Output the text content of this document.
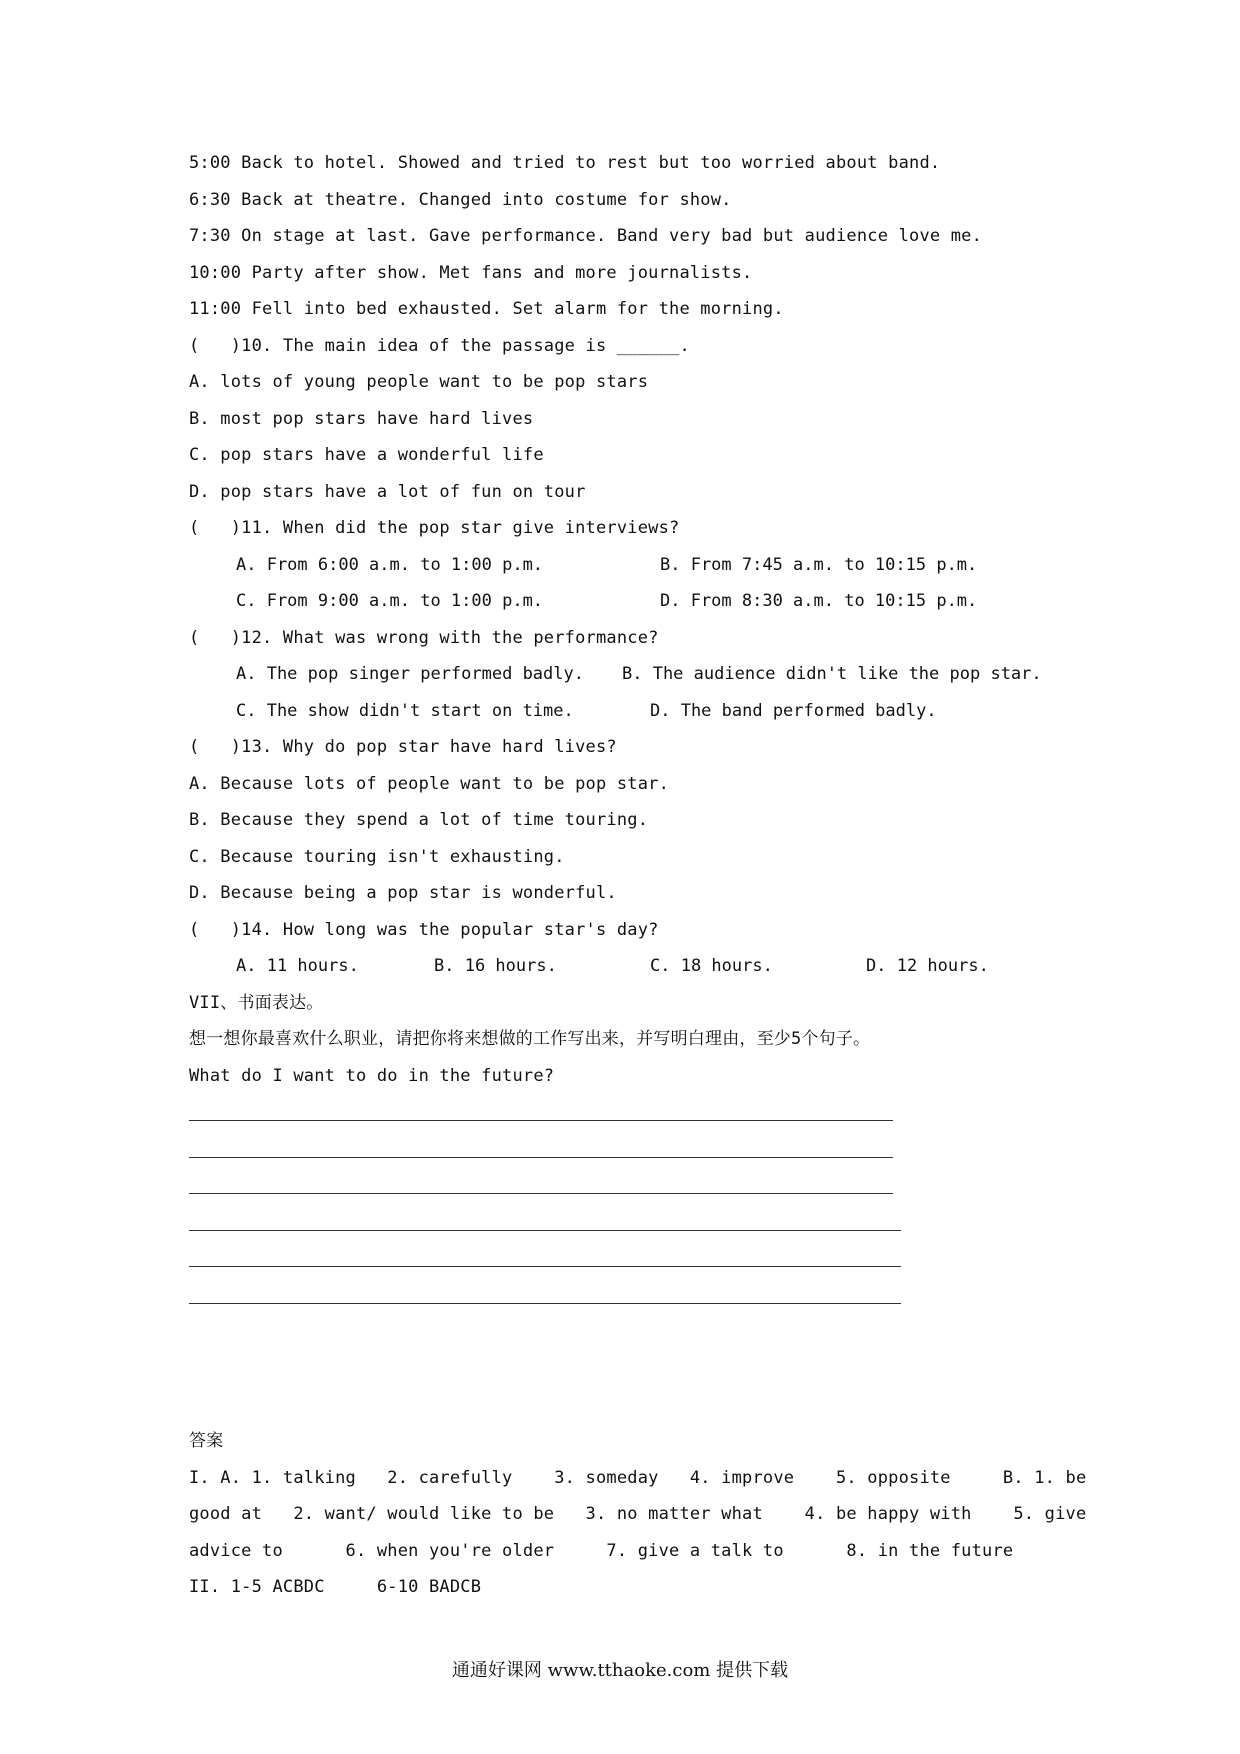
5:00 Back to hotel. Showed and tried to rest but too worried about band.
6:30 Back at theatre. Changed into costume for show.
7:30 On stage at last. Gave performance. Band very bad but audience love me.
10:00 Party after show. Met fans and more journalists.
11:00 Fell into bed exhausted. Set alarm for the morning.
(   )10. The main idea of the passage is ______.
A. lots of young people want to be pop stars
B. most pop stars have hard lives
C. pop stars have a wonderful life
D. pop stars have a lot of fun on tour
(   )11. When did the pop star give interviews?
A. From 6:00 a.m. to 1:00 p.m.	B. From 7:45 a.m. to 10:15 p.m.
C. From 9:00 a.m. to 1:00 p.m.	D. From 8:30 a.m. to 10:15 p.m.
(   )12. What was wrong with the performance?
A. The pop singer performed badly. B. The audience didn't like the pop star.
C. The show didn't start on time.	D. The band performed badly.
(   )13. Why do pop star have hard lives?
A. Because lots of people want to be pop star.
B. Because they spend a lot of time touring.
C. Because touring isn't exhausting.
D. Because being a pop star is wonderful.
(   )14. How long was the popular star's day?
A. 11 hours.	B. 16 hours.	C. 18 hours.	D. 12 hours.
VII、书面表达。
想一想你最喜欢什么职业，请把你将来想做的工作写出来，并写明白理由，至少5个句子。
What do I want to do in the future?
答案
I. A. 1. talking   2. carefully    3. someday   4. improve    5. opposite     B. 1. be
good at   2. want/ would like to be   3. no matter what    4. be happy with    5. give
advice to      6. when you're older     7. give a talk to      8. in the future
II. 1-5 ACBDC     6-10 BADCB
通通好课网 www.tthaoke.com 提供下载
